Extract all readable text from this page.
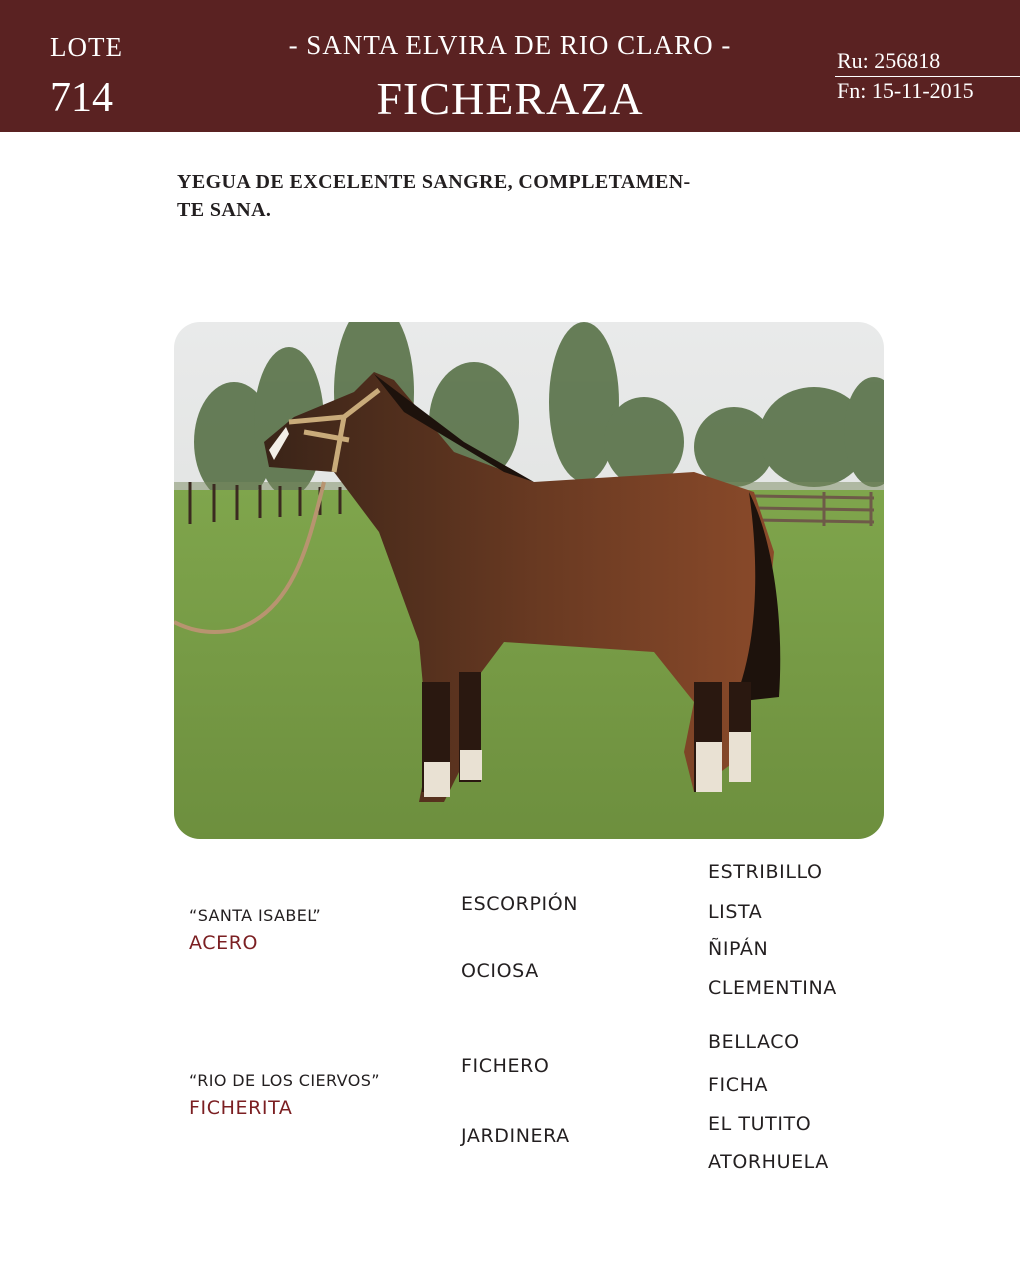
LOTE
714
- SANTA ELVIRA DE RIO CLARO -
FICHERAZA
Ru: 256818
Fn: 15-11-2015
YEGUA DE EXCELENTE SANGRE, COMPLETAMEN-
TE SANA.
“SANTA ISABEL”
ACERO
ESCORPIÓN
OCIOSA
ESTRIBILLO
LISTA
ÑIPÁN
CLEMENTINA
“RIO DE LOS CIERVOS”
FICHERITA
FICHERO
JARDINERA
BELLACO
FICHA
EL TUTITO
ATORHUELA
